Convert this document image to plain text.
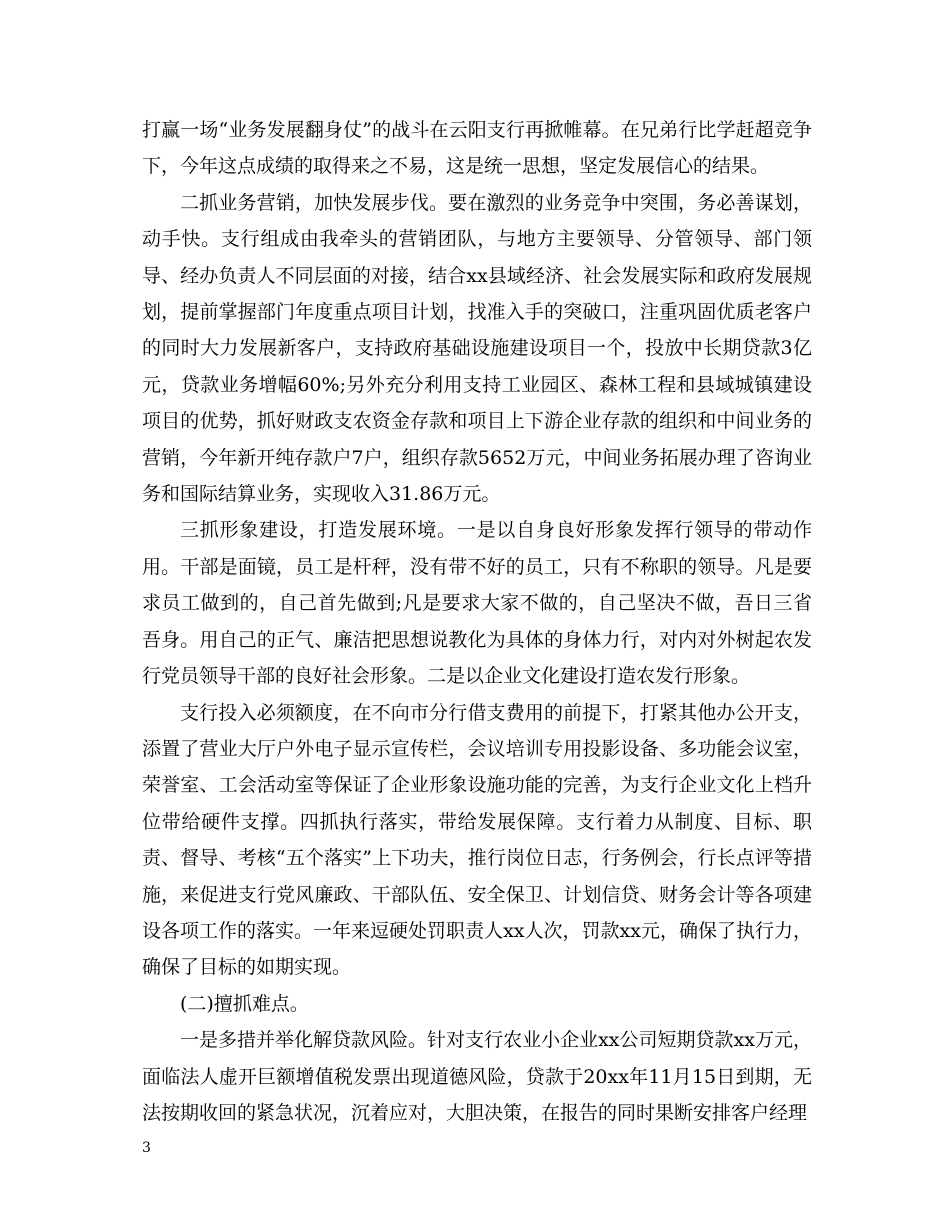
打赢一场“业务发展翻身仗”的战斗在云阳支行再掀帷幕。在兄弟行比学赶超竞争下，今年这点成绩的取得来之不易，这是统一思想，坚定发展信心的结果。

二抓业务营销，加快发展步伐。要在激烈的业务竞争中突围，务必善谋划，动手快。支行组成由我牵头的营销团队，与地方主要领导、分管领导、部门领导、经办负责人不同层面的对接，结合xx县域经济、社会发展实际和政府发展规划，提前掌握部门年度重点项目计划，找准入手的突破口，注重巩固优质老客户的同时大力发展新客户，支持政府基础设施建设项目一个，投放中长期贷款3亿元，贷款业务增幅60%;另外充分利用支持工业园区、森林工程和县域城镇建设项目的优势，抓好财政支农资金存款和项目上下游企业存款的组织和中间业务的营销，今年新开纯存款户7户，组织存款5652万元，中间业务拓展办理了咨询业务和国际结算业务，实现收入31.86万元。

三抓形象建设，打造发展环境。一是以自身良好形象发挥行领导的带动作用。干部是面镜，员工是杆秤，没有带不好的员工，只有不称职的领导。凡是要求员工做到的，自己首先做到;凡是要求大家不做的，自己坚决不做，吾日三省吾身。用自己的正气、廉洁把思想说教化为具体的身体力行，对内对外树起农发行党员领导干部的良好社会形象。二是以企业文化建设打造农发行形象。

支行投入必须额度，在不向市分行借支费用的前提下，打紧其他办公开支，添置了营业大厅户外电子显示宣传栏，会议培训专用投影设备、多功能会议室，荣誉室、工会活动室等保证了企业形象设施功能的完善，为支行企业文化上档升位带给硬件支撑。四抓执行落实，带给发展保障。支行着力从制度、目标、职责、督导、考核“五个落实”上下功夫，推行岗位日志，行务例会，行长点评等措施，来促进支行党风廉政、干部队伍、安全保卫、计划信贷、财务会计等各项建设各项工作的落实。一年来逗硬处罚职责人xx人次，罚款xx元，确保了执行力，确保了目标的如期实现。

(二)擅抓难点。

一是多措并举化解贷款风险。针对支行农业小企业xx公司短期贷款xx万元，面临法人虚开巨额增值税发票出现道德风险，贷款于20xx年11月15日到期，无法按期收回的紧急状况，沉着应对，大胆决策，在报告的同时果断安排客户经理

3
